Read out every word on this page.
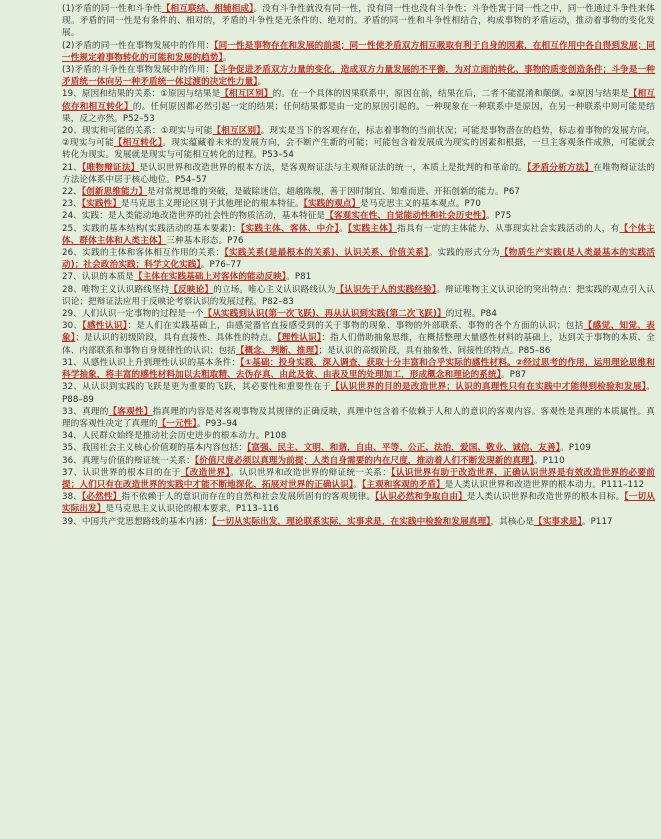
(1)矛盾的同一性和斗争性【相互联结、相辅相成】。没有斗争性就没有同一性，没有同一性也没有斗争性；斗争性寓于同一性之中，同一性通过斗争性来体现。矛盾的同一性是有条件的、相对的，矛盾的斗争性是无条件的、绝对的。矛盾的同一性和斗争性相结合，构成事物的矛盾运动，推动着事物的变化发展。

(2)矛盾的同一性在事物发展中的作用：【同一性是事物存在和发展的前提；同一性使矛盾双方相互吸取有利于自身的因素，在相互作用中各自得到发展；同一性规定着事物转化的可能和发展的趋势】。

(3)矛盾的斗争性在事物发展中的作用：【斗争促进矛盾双方力量的变化，造成双方力量发展的不平衡，为对立面的转化、事物的质变创造条件；斗争是一种矛盾统一体向另一种矛盾统一体过渡的决定性力量】。

19、原因和结果的关系：①原因与结果是【相互区别】的。在一个具体的因果联系中，原因在前，结果在后，二者不能混淆和颠倒。②原因与结果是【相互依存和相互转化】的。任何原因都必然引起一定的结果；任何结果都是由一定的原因引起的。一种现象在一种联系中是原因，在另一种联系中则可能是结果，反之亦然。P52–53

20、现实和可能的关系：①现实与可能【相互区别】。现实是当下的客观存在，标志着事物的当前状况；可能是事物潜在的趋势，标志着事物的发展方向。②现实与可能【相互转化】。现实蕴藏着未来的发展方向，会不断产生新的可能；可能包含着发展成为现实的因素和根据，一旦主客观条件成熟，可能就会转化为现实。发展就是现实与可能相互转化的过程。P53–54

21、【唯物辩证法】是认识世界和改造世界的根本方法，是客观辩证法与主观辩证法的统一，本质上是批判的和革命的。【矛盾分析方法】在唯物辩证法的方法论体系中居于核心地位。P54–57

22、【创新思维能力】是对常规思维的突破，是破除迷信，超越陈规，善于因时制宜、知难而进、开拓创新的能力。P67

23、【实践性】是马克思主义理论区别于其他理论的根本特征。【实践的观点】是马克思主义的基本观点。P70

24、实践：是人类能动地改造世界的社会性的物质活动，基本特征是【客观实在性、自觉能动性和社会历史性】。P75

25、实践的基本结构(实践活动的基本要素)：【实践主体、客体、中介】。【实践主体】指具有一定的主体能力、从事现实社会实践活动的人，有【个体主体、群体主体和人类主体】三种基本形态。P76

26、实践的主体和客体相互作用的关系：【实践关系(是最根本的关系)、认识关系、价值关系】。实践的形式分为【物质生产实践(是人类最基本的实践活动)；社会政治实践；科学文化实践】。P76–77

27、认识的本质是【主体在实践基础上对客体的能动反映】。P81

28、唯物主义认识路线坚持【反映论】的立场。唯心主义认识路线认为【认识先于人的实践经验】。辩证唯物主义认识论的突出特点：把实践的观点引入认识论；把辩证法应用于反映论考察认识的发展过程。P82–83

29、人们认识一定事物的过程是一个【从实践到认识(第一次飞跃)、再从认识到实践(第二次飞跃)】的过程。P84

30、【感性认识】：是人们在实践基础上，由感觉器官直接感受到的关于事物的现象、事物的外部联系、事物的各个方面的认识；包括【感觉、知觉、表象】；是认识的初级阶段，具有直接性、具体性的特点。【理性认识】：指人们借助抽象思维，在概括整理大量感性材料的基础上，达到关于事物的本质、全体、内部联系和事物自身规律性的认识；包括【概念、判断、推理】；是认识的高级阶段，具有抽象性、间接性的特点。P85–86

31、从感性认识上升到理性认识的基本条件：【①基础：投身实践，深入调查，获取十分丰富和合乎实际的感性材料。②经过思考的作用，运用理论思维和科学抽象，将丰富的感性材料加以去粗取精、去伪存真、由此及彼、由表及里的处理加工，形成概念和理论的系统】。P87

32、从认识到实践的飞跃是更为重要的飞跃，其必要性和重要性在于【认识世界的目的是改造世界；认识的真理性只有在实践中才能得到检验和发展】。P88–89

33、真理的【客观性】指真理的内容是对客观事物及其规律的正确反映，真理中包含着不依赖于人和人的意识的客观内容。客观性是真理的本质属性。真理的客观性决定了真理的【一元性】。P93–94

34、人民群众始终是推动社会历史进步的根本动力。P108

35、我国社会主义核心价值观的基本内容包括：【富强、民主、文明、和谐，自由、平等、公正、法治，爱国、敬业、诚信、友善】。P109

36、真理与价值的辩证统一关系：【价值尺度必须以真理为前提；人类自身需要的内在尺度，推动着人们不断发现新的真理】。P110

37、认识世界的根本目的在于【改造世界】。认识世界和改造世界的辩证统一关系：【认识世界有助于改造世界，正确认识世界是有效改造世界的必要前提；人们只有在改造世界的实践中才能不断地深化、拓展对世界的正确认识】。【主观和客观的矛盾】是人类认识世界和改造世界的根本动力。P111–112

38、【必然性】指不依赖于人的意识而存在的自然和社会发展所固有的客观规律。【认识必然和争取自由】是人类认识世界和改造世界的根本目标。【一切从实际出发】是马克思主义认识论的根本要求。P113–116

39、中国共产党思想路线的基本内涵：【一切从实际出发，理论联系实际，实事求是，在实践中检验和发展真理】，其核心是【实事求是】。P117
